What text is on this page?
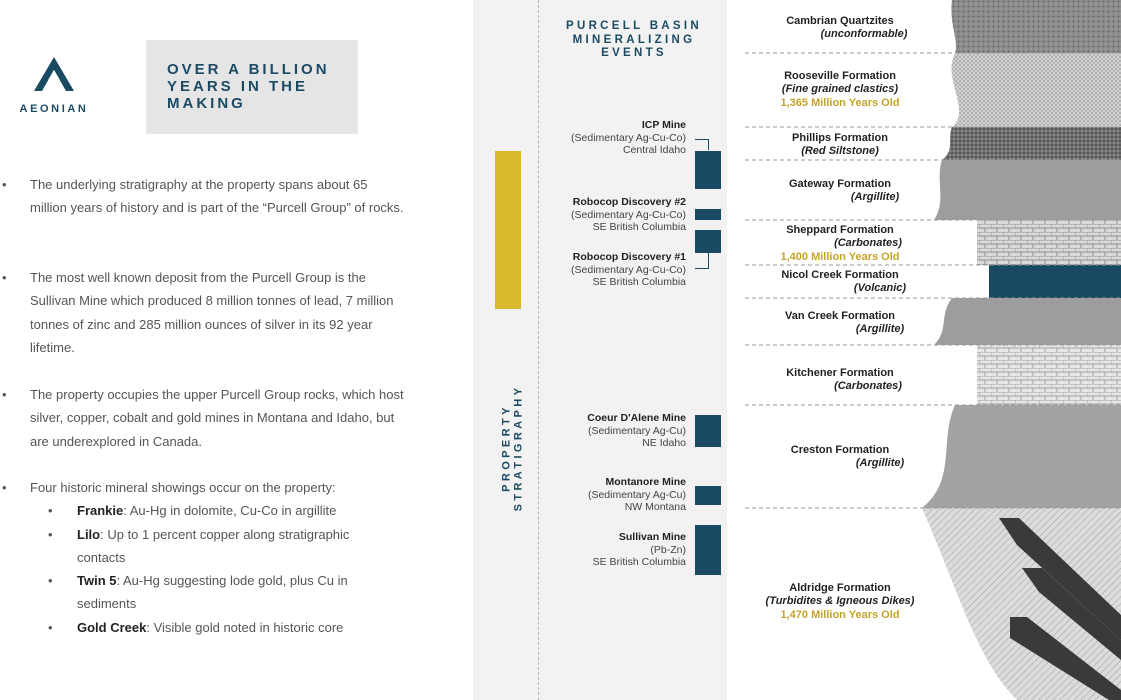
AEONIAN
OVER A BILLION
YEARS IN THE
MAKING
• The underlying stratigraphy at the property spans about 65 million years of history and is part of the “Purcell Group” of rocks.
• The most well known deposit from the Purcell Group is the Sullivan Mine which produced 8 million tonnes of lead, 7 million tonnes of zinc and 285 million ounces of silver in its 92 year lifetime.
• The property occupies the upper Purcell Group rocks, which host silver, copper, cobalt and gold mines in Montana and Idaho, but are underexplored in Canada.
• Four historic mineral showings occur on the property:
• Frankie: Au-Hg in dolomite, Cu-Co in argillite
• Lilo: Up to 1 percent copper along stratigraphic contacts
• Twin 5: Au-Hg suggesting lode gold, plus Cu in sediments
• Gold Creek: Visible gold noted in historic core
PURCELL BASIN
MINERALIZING
EVENTS
PROPERTY STRATIGRAPHY
ICP Mine
(Sedimentary Ag-Cu-Co)
Central Idaho
Robocop Discovery #2
(Sedimentary Ag-Cu-Co)
SE British Columbia
Robocop Discovery #1
(Sedimentary Ag-Cu-Co)
SE British Columbia
Coeur D'Alene Mine
(Sedimentary Ag-Cu)
NE Idaho
Montanore Mine
(Sedimentary Ag-Cu)
NW Montana
Sullivan Mine
(Pb-Zn)
SE British Columbia
Cambrian Quartzites
(unconformable)
Rooseville Formation
(Fine grained clastics)
1,365 Million Years Old
Phillips Formation
(Red Siltstone)
Gateway Formation
(Argillite)
Sheppard Formation
(Carbonates)
1,400 Million Years Old
Nicol Creek Formation
(Volcanic)
Van Creek Formation
(Argillite)
Kitchener Formation
(Carbonates)
Creston Formation
(Argillite)
Aldridge Formation
(Turbidites & Igneous Dikes)
1,470 Million Years Old
